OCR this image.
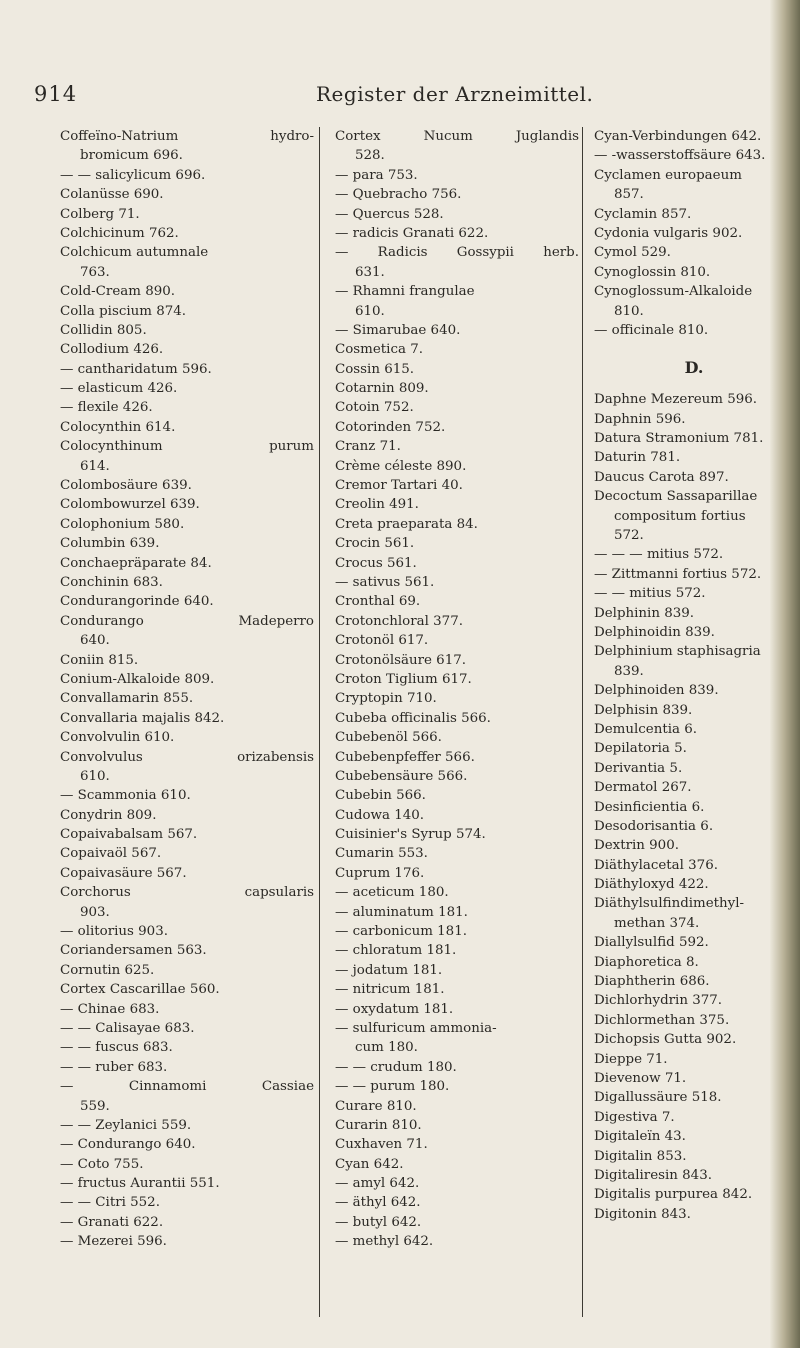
914	Register der Arzneimittel.
Coffeïno-Natrium	hydro-
bromicum 696.
— — salicylicum 696.
Colanüsse 690.
Colberg 71.
Colchicinum 762.
Colchicum autumnale
763.
Cold-Cream 890.
Colla piscium 874.
Collidin 805.
Collodium 426.
— cantharidatum 596.
— elasticum 426.
— flexile 426.
Colocynthin 614.
Colocynthinum	purum
614.
Colombosäure 639.
Colombowurzel 639.
Colophonium 580.
Columbin 639.
Conchaepräparate 84.
Conchinin 683.
Condurangorinde 640.
Condurango	Madeperro
640.
Coniin 815.
Conium-Alkaloide 809.
Convallamarin 855.
Convallaria majalis 842.
Convolvulin 610.
Convolvulus	orizabensis
610.
— Scammonia 610.
Conydrin 809.
Copaivabalsam 567.
Copaivaöl 567.
Copaivasäure 567.
Corchorus	capsularis
903.
— olitorius 903.
Coriandersamen 563.
Cornutin 625.
Cortex Cascarillae 560.
— Chinae 683.
— — Calisayae 683.
— — fuscus 683.
— — ruber 683.
—	Cinnamomi	Cassiae
559.
— — Zeylanici 559.
— Condurango 640.
— Coto 755.
— fructus Aurantii 551.
— — Citri 552.
— Granati 622.
— Mezerei 596.
Cortex	Nucum	Juglandis
528.
— para 753.
— Quebracho 756.
— Quercus 528.
— radicis Granati 622.
— Radicis Gossypii herb.
631.
— Rhamni frangulae
610.
— Simarubae 640.
Cosmetica 7.
Cossin 615.
Cotarnin 809.
Cotoin 752.
Cotorinden 752.
Cranz 71.
Crème céleste 890.
Cremor Tartari 40.
Creolin 491.
Creta praeparata 84.
Crocin 561.
Crocus 561.
— sativus 561.
Cronthal 69.
Crotonchloral 377.
Crotonöl 617.
Crotonölsäure 617.
Croton Tiglium 617.
Cryptopin 710.
Cubeba officinalis 566.
Cubebenöl 566.
Cubebenpfeffer 566.
Cubebensäure 566.
Cubebin 566.
Cudowa 140.
Cuisinier's Syrup 574.
Cumarin 553.
Cuprum 176.
— aceticum 180.
— aluminatum 181.
— carbonicum 181.
— chloratum 181.
— jodatum 181.
— nitricum 181.
— oxydatum 181.
— sulfuricum ammonia-
cum 180.
— — crudum 180.
— — purum 180.
Curare 810.
Curarin 810.
Cuxhaven 71.
Cyan 642.
— amyl 642.
— äthyl 642.
— butyl 642.
— methyl 642.
Cyan-Verbindungen 642.
— -wasserstoffsäure 643.
Cyclamen europaeum
857.
Cyclamin 857.
Cydonia vulgaris 902.
Cymol 529.
Cynoglossin 810.
Cynoglossum-Alkaloide
810.
— officinale 810.
D.
Daphne Mezereum 596.
Daphnin 596.
Datura Stramonium 781.
Daturin 781.
Daucus Carota 897.
Decoctum Sassaparillae
compositum fortius
572.
— — — mitius 572.
— Zittmanni fortius 572.
— — mitius 572.
Delphinin 839.
Delphinoidin 839.
Delphinium staphisagria
839.
Delphinoiden 839.
Delphisin 839.
Demulcentia 6.
Depilatoria 5.
Derivantia 5.
Dermatol 267.
Desinficientia 6.
Desodorisantia 6.
Dextrin 900.
Diäthylacetal 376.
Diäthyloxyd 422.
Diäthylsulfindimethyl-
methan 374.
Diallylsulfid 592.
Diaphoretica 8.
Diaphtherin 686.
Dichlorhydrin 377.
Dichlormethan 375.
Dichopsis Gutta 902.
Dieppe 71.
Dievenow 71.
Digallussäure 518.
Digestiva 7.
Digitaleïn 43.
Digitalin 853.
Digitaliresin 843.
Digitalis purpurea 842.
Digitonin 843.
